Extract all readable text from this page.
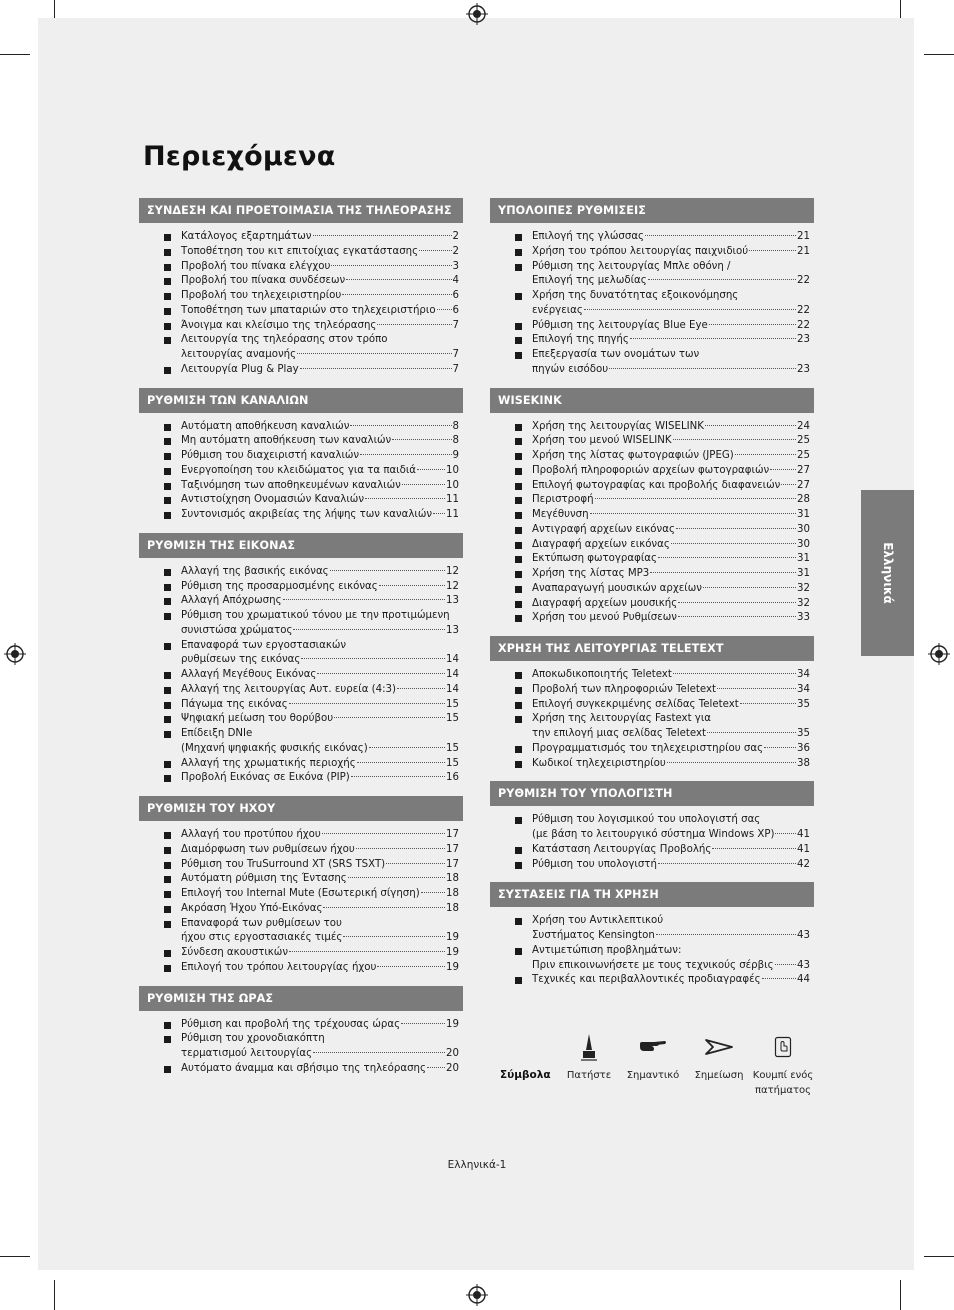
Περιεχόμενα
ΣΥΝΔΕΣΗ ΚΑΙ ΠΡΟΕΤΟΙΜΑΣΙΑ ΤΗΣ ΤΗΛΕΟΡΑΣΗΣ
Κατάλογος εξαρτημάτων	2
Τοποθέτηση του κιτ επιτοίχιας εγκατάστασης	2
Προβολή του πίνακα ελέγχου	3
Προβολή του πίνακα συνδέσεων	4
Προβολή του τηλεχειριστηρίου	6
Τοποθέτηση των μπαταριών στο τηλεχειριστήριο 6
Άνοιγμα και κλείσιμο της τηλεόρασης	7
Λειτουργία της τηλεόρασης στον τρόπο
λειτουργίας αναμονής	7
Λειτουργία Plug & Play	7
ΡΥΘΜΙΣΗ ΤΩΝ ΚΑΝΑΛΙΩΝ
Αυτόματη αποθήκευση καναλιών	8
Μη αυτόματη αποθήκευση των καναλιών	8
Ρύθμιση του διαχειριστή καναλιών	9
Ενεργοποίηση του κλειδώματος για τα παιδιά	10
Ταξινόμηση των αποθηκευμένων καναλιών	10
Αντιστοίχηση Ονομασιών Καναλιών	11
Συντονισμός ακριβείας της λήψης των καναλιών 11
ΡΥΘΜΙΣΗ ΤΗΣ ΕΙΚΟΝΑΣ
Αλλαγή της βασικής εικόνας	12
Ρύθμιση της προσαρμοσμένης εικόνας	12
Αλλαγή Απόχρωσης	13
Ρύθμιση του χρωματικού τόνου με την προτιμώμενη
συνιστώσα χρώματος	13
Επαναφορά των εργοστασιακών
ρυθμίσεων της εικόνας	14
Αλλαγή Μεγέθους Εικόνας	14
Αλλαγή της λειτουργίας Αυτ. ευρεία (4:3)	14
Πάγωμα της εικόνας	15
Ψηφιακή μείωση του θορύβου	15
Επίδειξη DNIe
(Μηχανή ψηφιακής φυσικής εικόνας)	15
Αλλαγή της χρωματικής περιοχής	15
Προβολή Εικόνας σε Εικόνα (PIP)	16
ΡΥΘΜΙΣΗ ΤΟΥ ΗΧΟΥ
Αλλαγή του προτύπου ήχου	17
Διαμόρφωση των ρυθμίσεων ήχου	17
Ρύθμιση του TruSurround XT (SRS TSXT)	17
Αυτόματη ρύθμιση της Έντασης	18
Επιλογή του Internal Mute (Εσωτερική σίγηση)	18
Ακρόαση Ήχου Υπό-Εικόνας	18
Επαναφορά των ρυθμίσεων του
ήχου στις εργοστασιακές τιμές	19
Σύνδεση ακουστικών	19
Επιλογή του τρόπου λειτουργίας ήχου	19
ΡΥΘΜΙΣΗ ΤΗΣ ΩΡΑΣ
Ρύθμιση και προβολή της τρέχουσας ώρας	19
Ρύθμιση του χρονοδιακόπτη
τερματισμού λειτουργίας	20
Αυτόματο άναμμα και σβήσιμο της τηλεόρασης 20
ΥΠΟΛΟΙΠΕΣ ΡΥΘΜΙΣΕΙΣ
Επιλογή της γλώσσας	21
Χρήση του τρόπου λειτουργίας παιχνιδιού	21
Ρύθμιση της λειτουργίας Μπλε οθόνη /
Επιλογή της μελωδίας	22
Χρήση της δυνατότητας εξοικονόμησης
ενέργειας	22
Ρύθμιση της λειτουργίας Blue Eye	22
Επιλογή της πηγής	23
Επεξεργασία των ονομάτων των
πηγών εισόδου	23
WISEKINK
Χρήση της λειτουργίας WISELINK	24
Χρήση του μενού WISELINK	25
Χρήση της λίστας φωτογραφιών (JPEG)	25
Προβολή πληροφοριών αρχείων φωτογραφιών	27
Επιλογή φωτογραφίας και προβολής διαφανειών 27
Περιστροφή	28
Μεγέθυνση	31
Αντιγραφή αρχείων εικόνας	30
Διαγραφή αρχείων εικόνας	30
Εκτύπωση φωτογραφίας	31
Χρήση της λίστας MP3	31
Αναπαραγωγή μουσικών αρχείων	32
Διαγραφή αρχείων μουσικής	32
Χρήση του μενού Ρυθμίσεων	33
ΧΡΗΣΗ ΤΗΣ ΛΕΙΤΟΥΡΓΙΑΣ TELETEXT
Αποκωδικοποιητής Teletext	34
Προβολή των πληροφοριών Teletext	34
Επιλογή συγκεκριμένης σελίδας Teletext	35
Χρήση της λειτουργίας Fastext για
την επιλογή μιας σελίδας Teletext	35
Προγραμματισμός του τηλεχειριστηρίου σας	36
Κωδικοί τηλεχειριστηρίου	38
ΡΥΘΜΙΣΗ ΤΟΥ ΥΠΟΛΟΓΙΣΤΗ
Ρύθμιση του λογισμικού του υπολογιστή σας
(με βάση το λειτουργικό σύστημα Windows XP) 41
Κατάσταση Λειτουργίας Προβολής	41
Ρύθμιση του υπολογιστή	42
ΣΥΣΤΑΣΕΙΣ ΓΙΑ ΤΗ ΧΡΗΣΗ
Χρήση του Αντικλεπτικού
Συστήματος Kensington	43
Αντιμετώπιση προβλημάτων:
Πριν επικοινωνήσετε με τους τεχνικούς σέρβις 43
Τεχνικές και περιβαλλοντικές προδιαγραφές	44
Ελληνικά
Σύμβολα	Πατήστε	Σημαντικό	Σημείωση Κουμπί ενός
πατήματος
Ελληνικά-1
